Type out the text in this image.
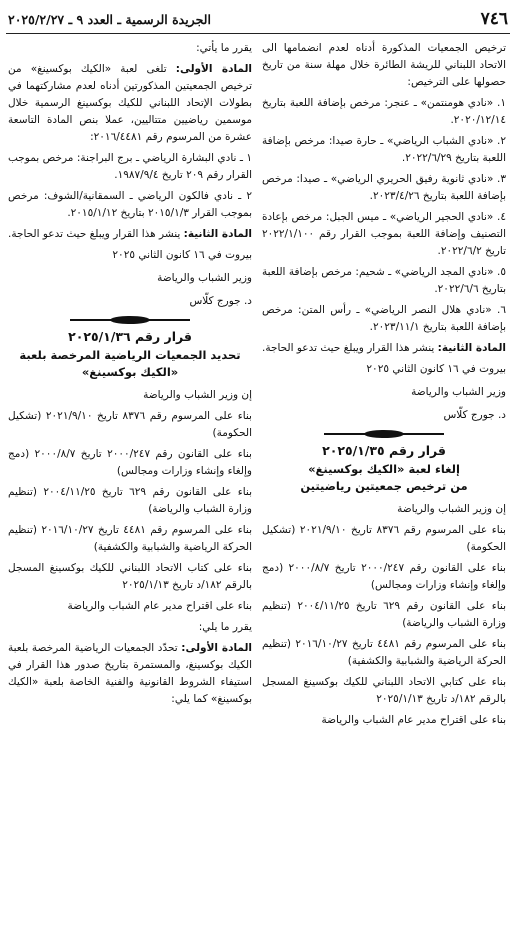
٧٤٦
الجريدة الرسمية ـ العدد ٩ ـ ٢٠٢٥/٢/٢٧

ترخيص الجمعيات المذكورة أدناه لعدم انضمامها الى الاتحاد اللبناني للريشة الطائرة خلال مهلة سنة من تاريخ حصولها على الترخيص:

١. «نادي هومنتمن» ـ عنجر: مرخص بإضافة اللعبة بتاريخ ٢٠٢٠/١٢/١٤.

٢. «نادي الشباب الرياضي» ـ حارة صيدا: مرخص بإضافة اللعبة بتاريخ ٢٠٢٢/٦/٢٩.

٣. «نادي ثانوية رفيق الحريري الرياضي» ـ صيدا: مرخص بإضافة اللعبة بتاريخ ٢٠٢٣/٤/٢٦.

٤. «نادي الحجير الرياضي» ـ ميس الجبل: مرخص بإعادة التصنيف وإضافة اللعبة بموجب القرار رقم ٢٠٢٢/١/١٠٠ تاريخ ٢٠٢٢/٦/٢.

٥. «نادي المجد الرياضي» ـ شحيم: مرخص بإضافة اللعبة بتاريخ ٢٠٢٢/٦/٦.

٦. «نادي هلال النصر الرياضي» ـ رأس المتن: مرخص بإضافة اللعبة بتاريخ ٢٠٢٣/١١/١.

المادة الثانية: ينشر هذا القرار ويبلغ حيث تدعو الحاجة.

بيروت في ١٦ كانون الثاني ٢٠٢٥
وزير الشباب والرياضة
د. جورج كلّاس
قرار رقم ٢٠٢٥/١/٣٥
إلغاء لعبة «الكيك بوكسينغ»
من ترخيص جمعيتين رياضيتين

إن وزير الشباب والرياضة

بناء على المرسوم رقم ٨٣٧٦ تاريخ ٢٠٢١/٩/١٠ (تشكيل الحكومة)

بناء على القانون رقم ٢٠٠٠/٢٤٧ تاريخ ٢٠٠٠/٨/٧ (دمج وإلغاء وإنشاء وزارات ومجالس)

بناء على القانون رقم ٦٢٩ تاريخ ٢٠٠٤/١١/٢٥ (تنظيم وزارة الشباب والرياضة)

بناء على المرسوم رقم ٤٤٨١ تاريخ ٢٠١٦/١٠/٢٧ (تنظيم الحركة الرياضية والشبابية والكشفية)

بناء على كتابي الاتحاد اللبناني للكيك بوكسينغ المسجل بالرقم ١٨٢/د تاريخ ٢٠٢٥/١/١٣

بناء على اقتراح مدير عام الشباب والرياضة

يقرر ما يأتي:

المادة الأولى: تلغى لعبة «الكيك بوكسينغ» من ترخيص الجمعيتين المذكورتين أدناه لعدم مشاركتهما في بطولات الإتحاد اللبناني للكيك بوكسينغ الرسمية خلال موسمين رياضيين متتاليين، عملا بنص المادة التاسعة عشرة من المرسوم رقم ٢٠١٦/٤٤٨١:

١ ـ نادي البشارة الرياضي ـ برج البراجنة: مرخص بموجب القرار رقم ٢٠٩ تاريخ ١٩٨٧/٩/٤.

٢ ـ نادي فالكون الرياضي ـ السمقانية/الشوف: مرخص بموجب القرار ٢٠١٥/١/٣ بتاريخ ٢٠١٥/١/١٢.

المادة الثانية: ينشر هذا القرار ويبلغ حيث تدعو الحاجة.

بيروت في ١٦ كانون الثاني ٢٠٢٥
وزير الشباب والرياضة
د. جورج كلّاس
قرار رقم ٢٠٢٥/١/٣٦
تحديد الجمعيات الرياضية المرخصة بلعبة
«الكيك بوكسينغ»

إن وزير الشباب والرياضة

بناء على المرسوم رقم ٨٣٧٦ تاريخ ٢٠٢١/٩/١٠ (تشكيل الحكومة)

بناء على القانون رقم ٢٠٠٠/٢٤٧ تاريخ ٢٠٠٠/٨/٧ (دمج وإلغاء وإنشاء وزارات ومجالس)

بناء على القانون رقم ٦٢٩ تاريخ ٢٠٠٤/١١/٢٥ (تنظيم وزارة الشباب والرياضة)

بناء على المرسوم رقم ٤٤٨١ تاريخ ٢٠١٦/١٠/٢٧ (تنظيم الحركة الرياضية والشبابية والكشفية)

بناء على كتاب الاتحاد اللبناني للكيك بوكسينغ المسجل بالرقم ١٨٢/د تاريخ ٢٠٢٥/١/١٣

بناء على اقتراح مدير عام الشباب والرياضة

يقرر ما يلي:

المادة الأولى: تحدّد الجمعيات الرياضية المرخصة بلعبة الكيك بوكسينغ، والمستمرة بتاريخ صدور هذا القرار في استيفاء الشروط القانونية والفنية الخاصة بلعبة «الكيك بوكسينغ» كما يلي:
